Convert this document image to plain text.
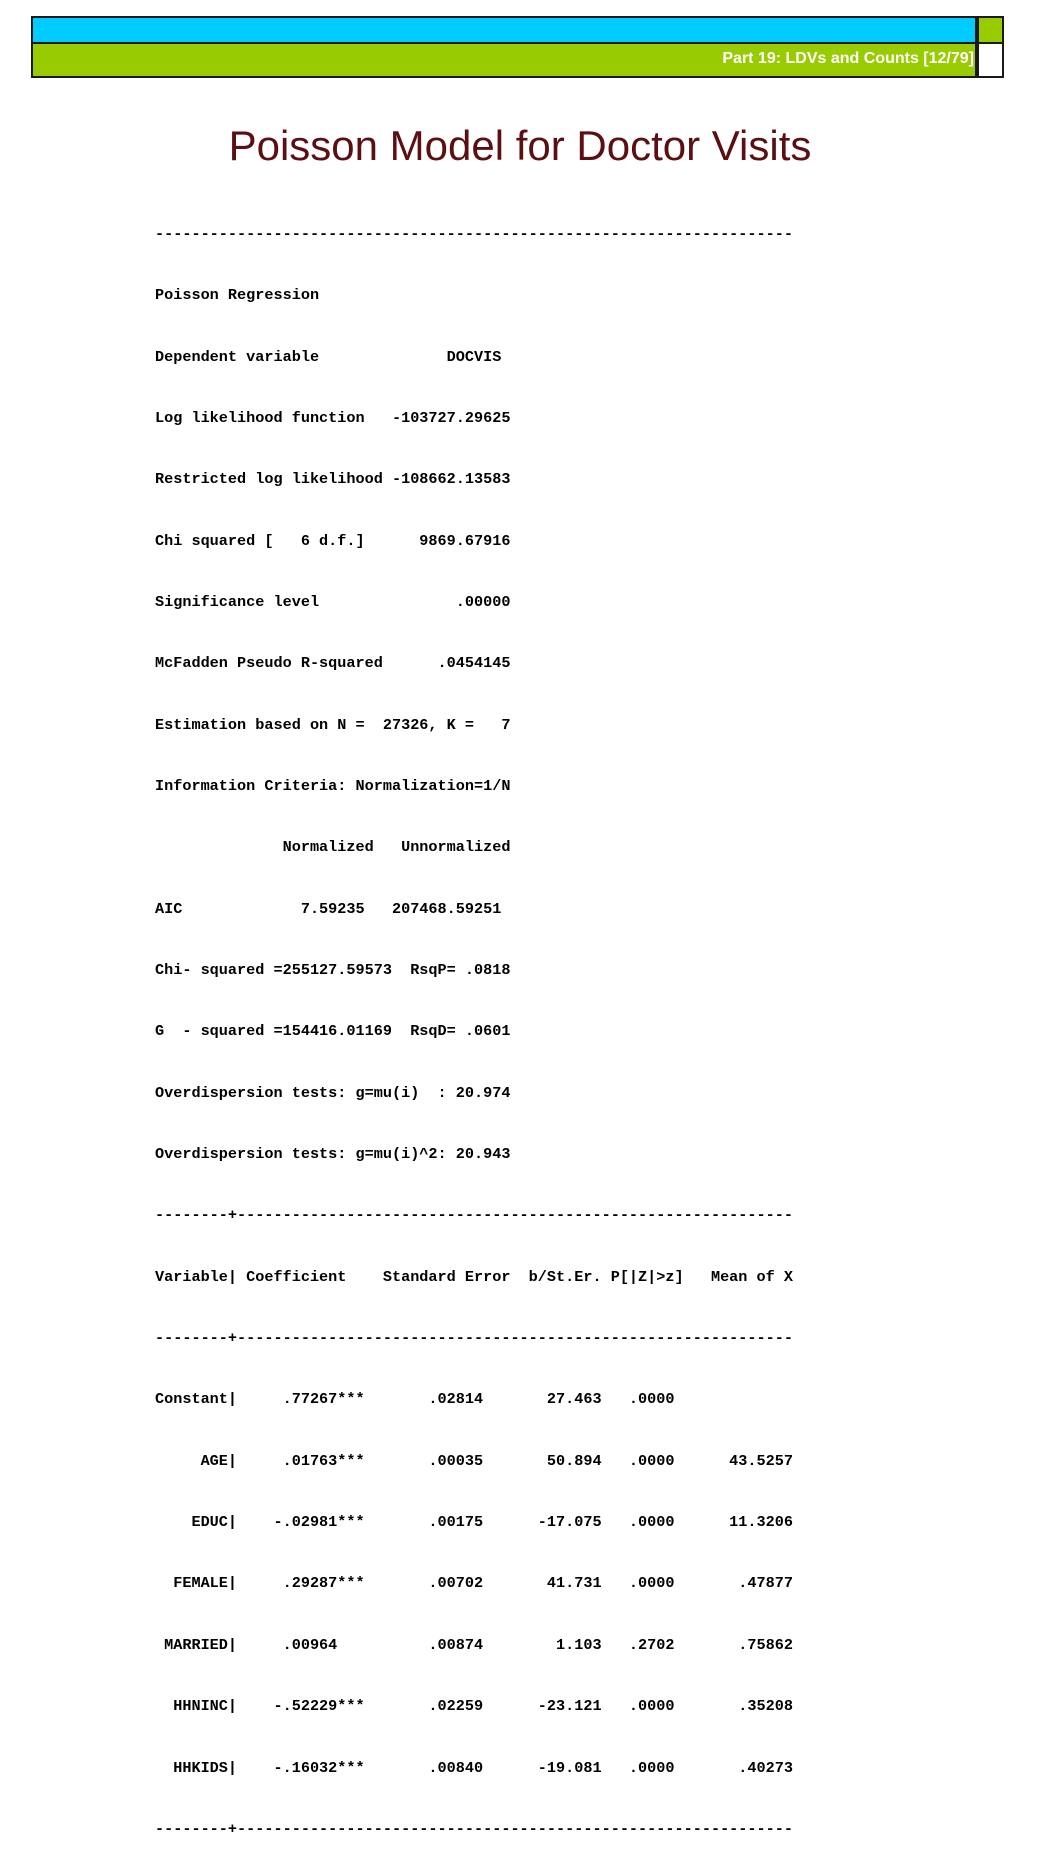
Part 19: LDVs and Counts [12/79]
Poisson Model for Doctor Visits

----------------------------------------------------------------------

Poisson Regression

Dependent variable              DOCVIS

Log likelihood function   -103727.29625

Restricted log likelihood -108662.13583

Chi squared [   6 d.f.]      9869.67916

Significance level               .00000

McFadden Pseudo R-squared      .0454145

Estimation based on N =  27326, K =   7

Information Criteria: Normalization=1/N

Normalized   Unnormalized

AIC             7.59235   207468.59251

Chi- squared =255127.59573  RsqP= .0818

G  - squared =154416.01169  RsqD= .0601

Overdispersion tests: g=mu(i)  : 20.974

Overdispersion tests: g=mu(i)^2: 20.943

--------+-------------------------------------------------------------

Variable| Coefficient    Standard Error  b/St.Er. P[|Z|>z]   Mean of X

--------+-------------------------------------------------------------

Constant|     .77267***       .02814       27.463   .0000

AGE|     .01763***       .00035       50.894   .0000      43.5257

EDUC|    -.02981***       .00175      -17.075   .0000      11.3206

FEMALE|     .29287***       .00702       41.731   .0000       .47877

MARRIED|     .00964          .00874        1.103   .2702       .75862

HHNINC|    -.52229***       .02259      -23.121   .0000       .35208

HHKIDS|    -.16032***       .00840      -19.081   .0000       .40273

--------+-------------------------------------------------------------
